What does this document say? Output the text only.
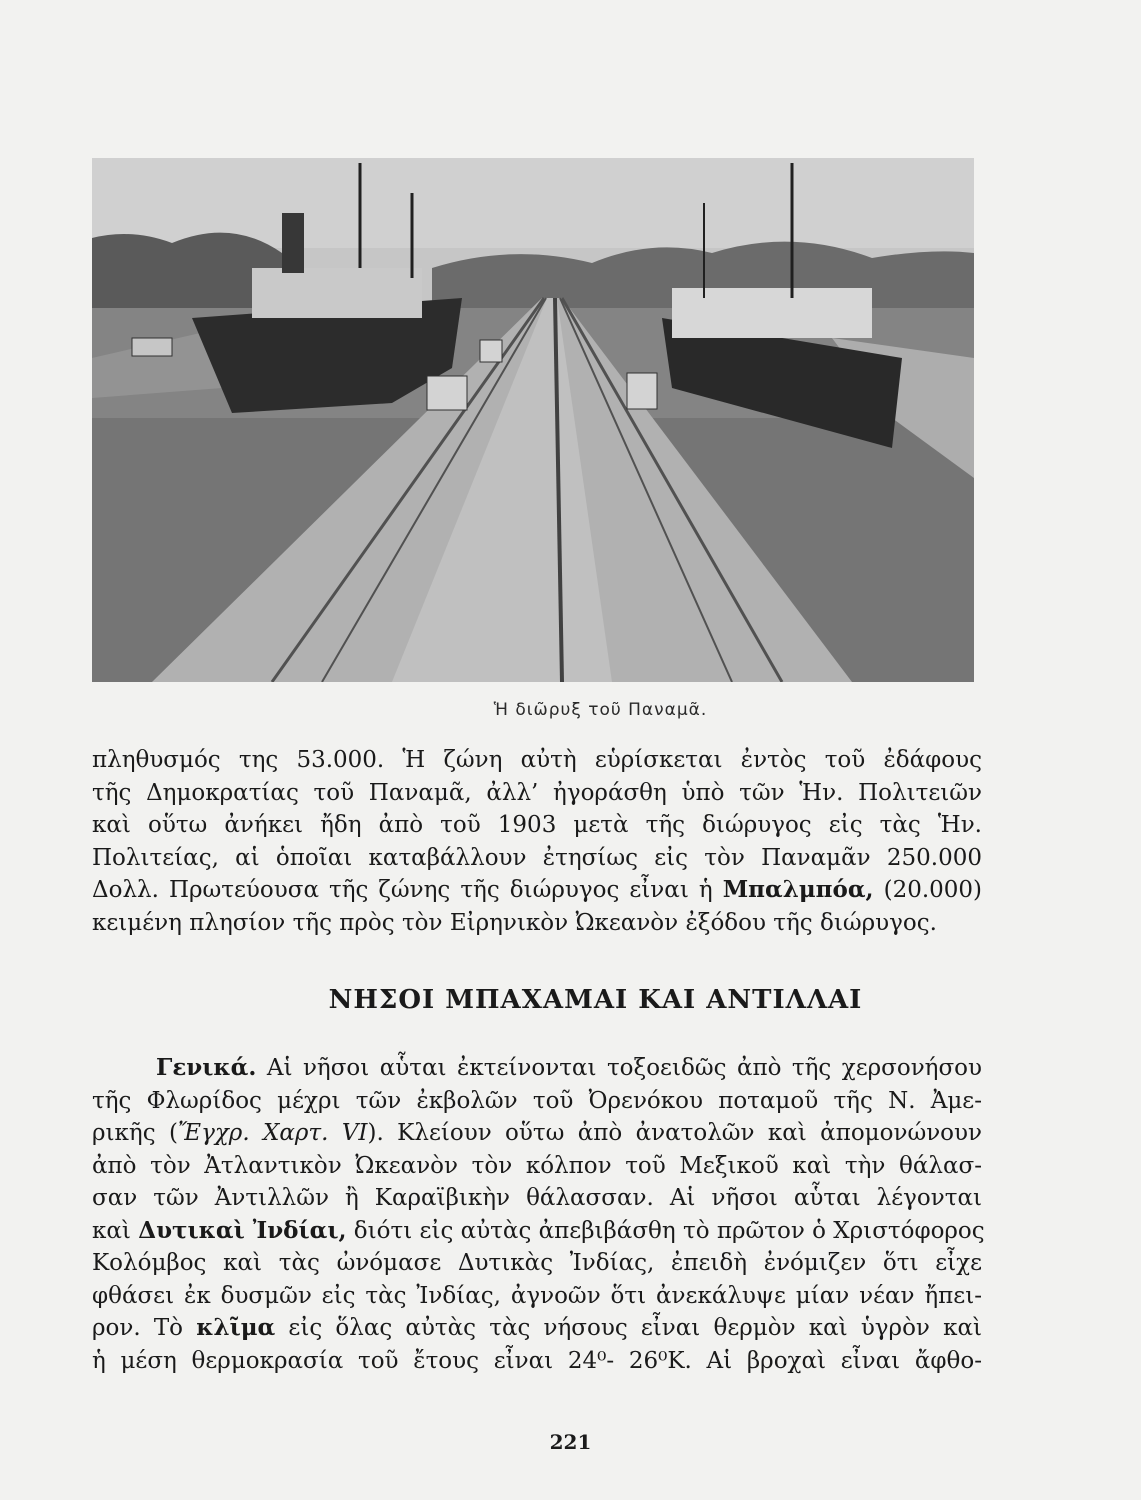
Ἡ διῶρυξ τοῦ Παναμᾶ.
πληθυσμός της 53.000. Ἡ ζώνη αὐτὴ εὑρίσκεται ἐντὸς τοῦ ἐδάφους
τῆς Δημοκρατίας τοῦ Παναμᾶ, ἀλλ’ ἠγοράσθη ὑπὸ τῶν Ἡν. Πολιτειῶν
καὶ οὕτω ἀνήκει ἤδη ἀπὸ τοῦ 1903 μετὰ τῆς διώρυγος εἰς τὰς Ἡν.
Πολιτείας, αἱ ὁποῖαι καταβάλλουν ἐτησίως εἰς τὸν Παναμᾶν 250.000
Δολλ. Πρωτεύουσα τῆς ζώνης τῆς διώρυγος εἶναι ἡ Μπαλμπόα, (20.000)
κειμένη πλησίον τῆς πρὸς τὸν Εἰρηνικὸν Ὠκεανὸν ἐξόδου τῆς διώρυγος.
ΝΗΣΟΙ ΜΠΑΧΑΜΑΙ ΚΑΙ ΑΝΤΙΛΛΑΙ
Γενικά. Αἱ νῆσοι αὗται ἐκτείνονται τοξοειδῶς ἀπὸ τῆς χερσονήσου
τῆς Φλωρίδος μέχρι τῶν ἐκβολῶν τοῦ Ὀρενόκου ποταμοῦ τῆς Ν. Ἀμε-
ρικῆς (Ἔγχρ. Χαρτ. VI). Κλείουν οὕτω ἀπὸ ἀνατολῶν καὶ ἀπομονώνουν
ἀπὸ τὸν Ἀτλαντικὸν Ὠκεανὸν τὸν κόλπον τοῦ Μεξικοῦ καὶ τὴν θάλασ-
σαν τῶν Ἀντιλλῶν ἢ Καραϊβικὴν θάλασσαν. Αἱ νῆσοι αὗται λέγονται
καὶ Δυτικαὶ Ἰνδίαι, διότι εἰς αὐτὰς ἀπεβιβάσθη τὸ πρῶτον ὁ Χριστόφορος
Κολόμβος καὶ τὰς ὠνόμασε Δυτικὰς Ἰνδίας, ἐπειδὴ ἐνόμιζεν ὅτι εἶχε
φθάσει ἐκ δυσμῶν εἰς τὰς Ἰνδίας, ἀγνοῶν ὅτι ἀνεκάλυψε μίαν νέαν ἤπει-
ρον. Τὸ κλῖμα εἰς ὅλας αὐτὰς τὰς νήσους εἶναι θερμὸν καὶ ὑγρὸν καὶ
ἡ μέση θερμοκρασία τοῦ ἔτους εἶναι 24⁰- 26⁰Κ. Αἱ βροχαὶ εἶναι ἄφθο-
221
